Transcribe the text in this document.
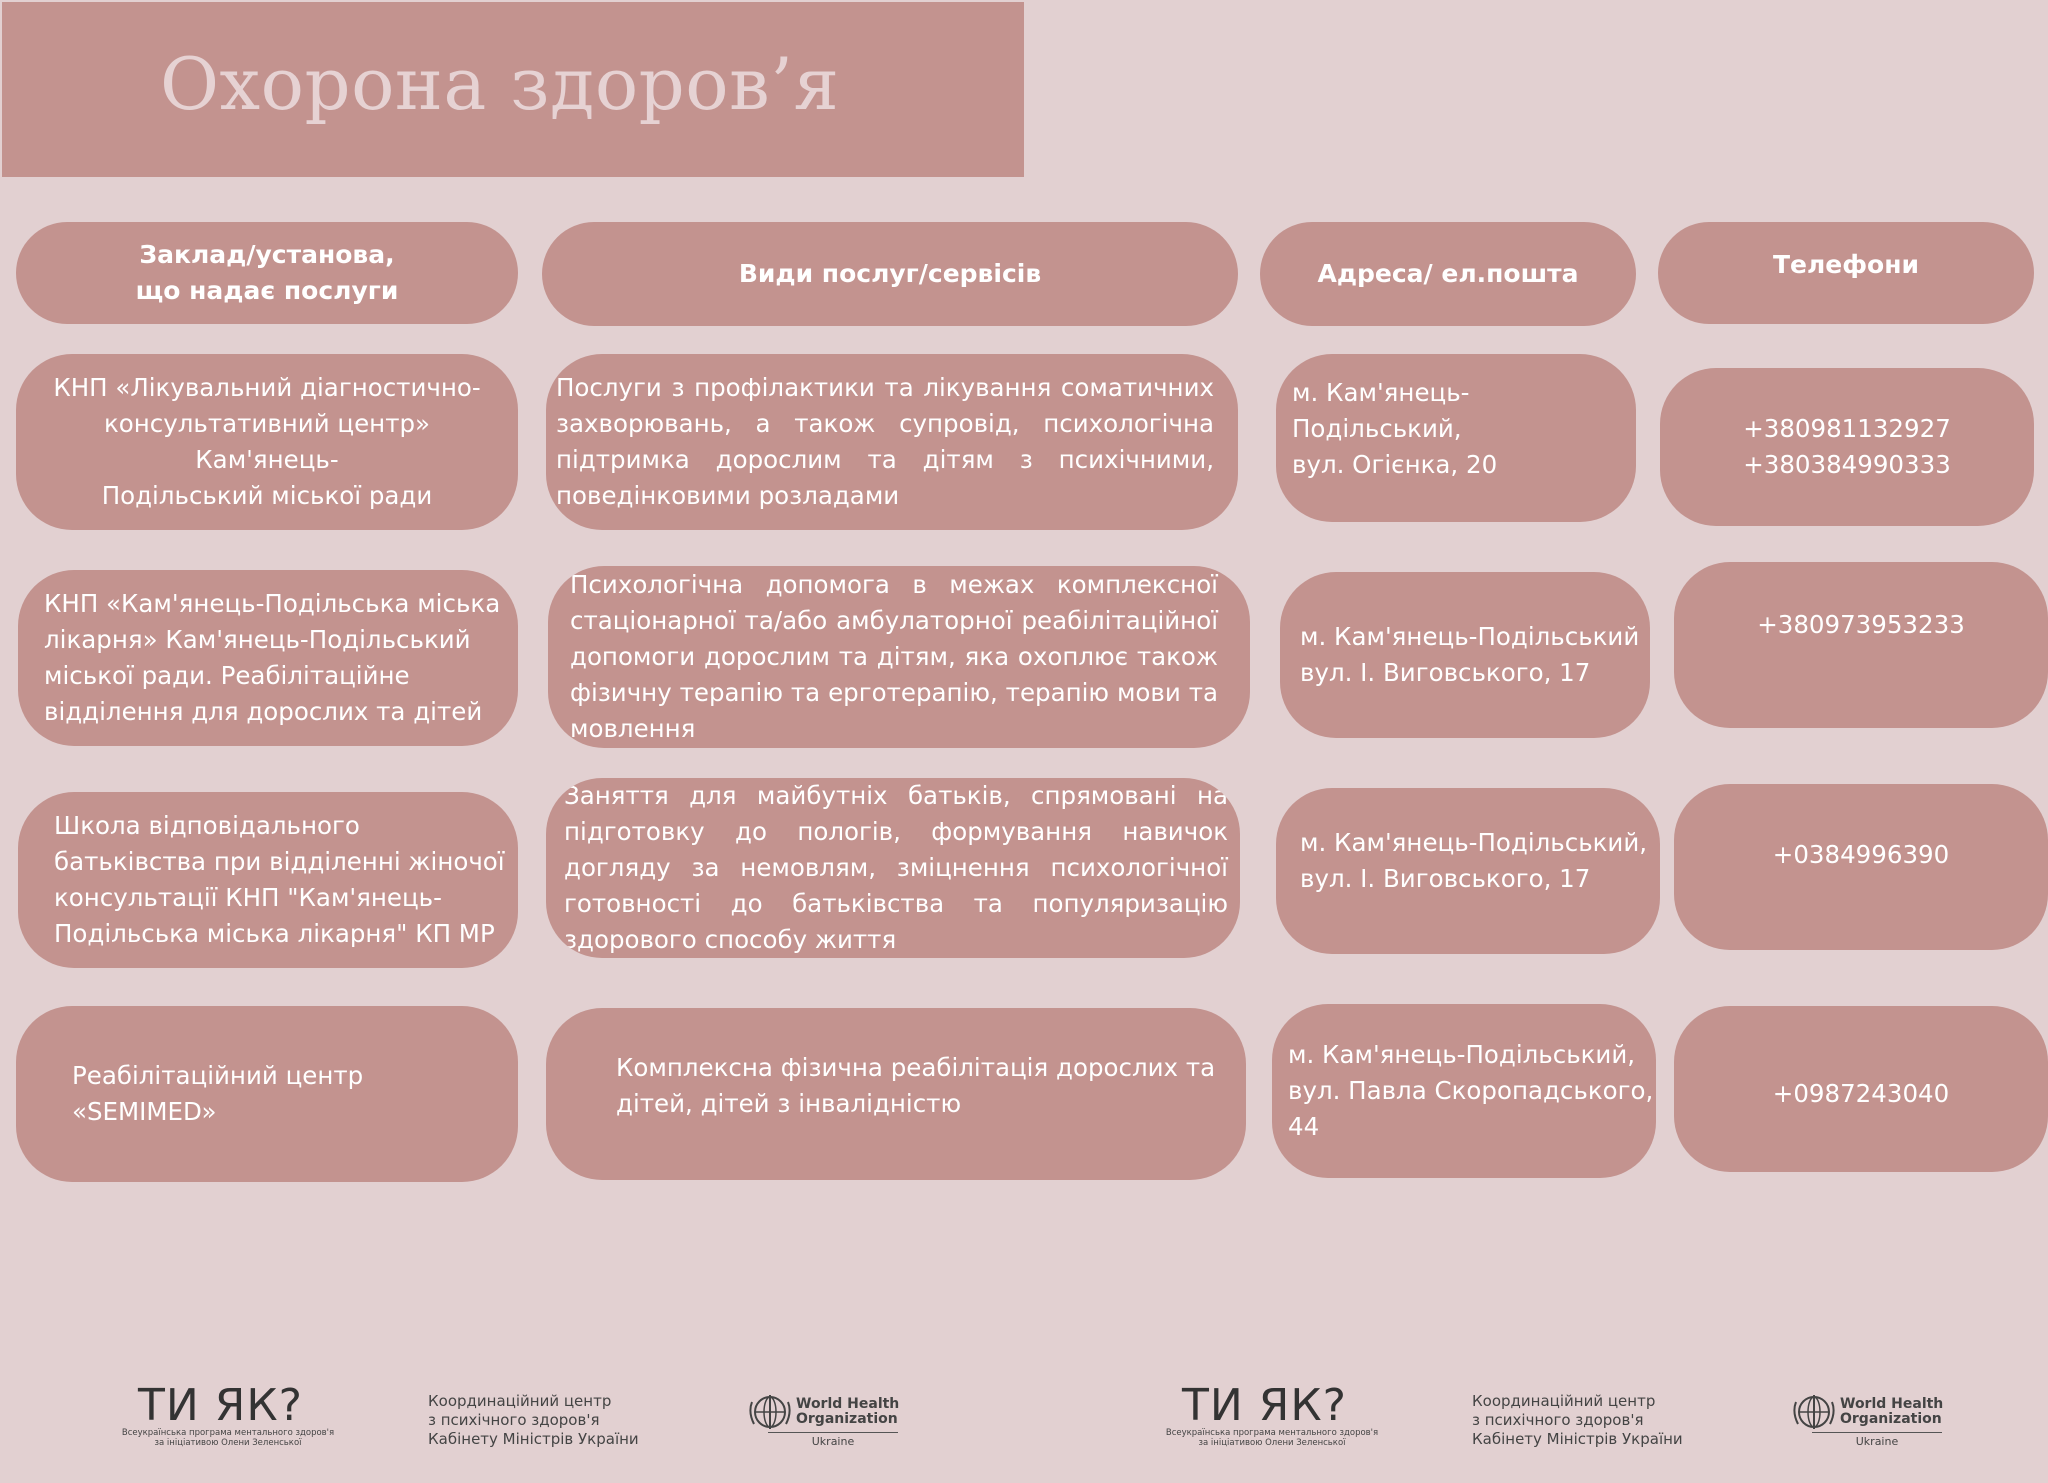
Охорона здоров’я
Заклад/установа,
що надає послуги
Види послуг/сервісів	Адреса/ ел.пошта	Телефони
КНП «Лікувальний діагностично-
консультативний центр» Кам'янець-
Подільський міської ради
Послуги з профілактики та лікування соматичних
захворювань, а також супровід, психологічна
підтримка дорослим та дітям з психічними,
поведінковими розладами
м. Кам'янець-Подільський,
вул. Огієнка, 20
+380981132927
+380384990333
КНП «Кам'янець-Подільська міська
лікарня» Кам'янець-Подільський
міської ради. Реабілітаційне
відділення для дорослих та дітей
Психологічна допомога в межах комплексної
стаціонарної та/або амбулаторної реабілітаційної
допомоги дорослим та дітям, яка охоплює також
фізичну терапію та ерготерапію, терапію мови та
мовлення
м. Кам'янець-Подільський
вул. І. Виговського, 17
+380973953233
Школа відповідального
батьківства при відділенні жіночої
консультації КНП "Кам'янець-
Подільська міська лікарня" КП МР
Заняття для майбутніх батьків, спрямовані на
підготовку до пологів, формування навичок
догляду за немовлям, зміцнення психологічної
готовності до батьківства та популяризацію
здорового способу життя
м. Кам'янець-Подільський,
вул. І. Виговського, 17
+0384996390
Реабілітаційний центр
«SEMIMED»
Комплексна фізична реабілітація дорослих та
дітей, дітей з інвалідністю
м. Кам'янець-Подільський,
вул. Павла Скоропадського,
44
+0987243040
ТИ ЯК?
Всеукраїнська програма ментального здоров'я
за ініціативою Олени Зеленської
Координаційний центр
з психічного здоров'я
Кабінету Міністрів України
World Health
Organization
Ukraine
ТИ ЯК?
Всеукраїнська програма ментального здоров'я
за ініціативою Олени Зеленської
Координаційний центр
з психічного здоров'я
Кабінету Міністрів України
World Health
Organization
Ukraine
